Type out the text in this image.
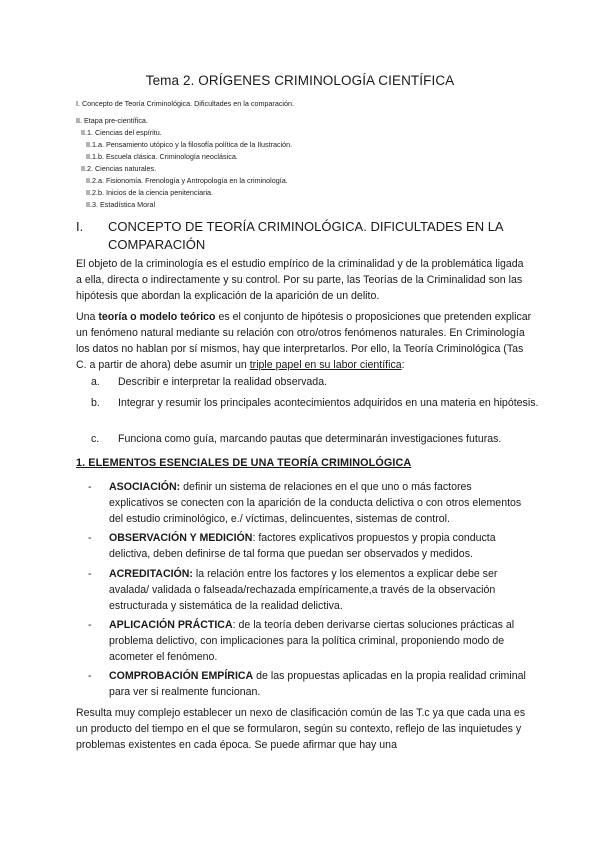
Tema 2. ORÍGENES CRIMINOLOGÍA CIENTÍFICA
I. Concepto de Teoría Criminológica. Dificultades en la comparación.
II. Etapa pre-científica.
II.1. Ciencias del espíritu.
II.1.a. Pensamiento utópico y la filosofía política de la Ilustración.
II.1.b. Escuela clásica. Criminología neoclásica.
II.2. Ciencias naturales.
II.2.a. Fisionomía. Frenología y Antropología en la criminología.
II.2.b. Inicios de la ciencia penitenciaria.
II.3. Estadística Moral
I. CONCEPTO DE TEORÍA CRIMINOLÓGICA. DIFICULTADES EN LA
COMPARACIÓN
El objeto de la criminología es el estudio empírico de la criminalidad y de la problemática ligada a ella, directa o indirectamente y su control. Por su parte, las Teorías de la Criminalidad son las hipótesis que abordan la explicación de la aparición de un delito.
Una teoría o modelo teórico es el conjunto de hipótesis o proposiciones que pretenden explicar un fenómeno natural mediante su relación con otro/otros fenómenos naturales. En Criminología los datos no hablan por sí mismos, hay que interpretarlos. Por ello, la Teoría Criminológica (Tas C. a partir de ahora) debe asumir un triple papel en su labor científica:
a. Describir e interpretar la realidad observada.
b. Integrar y resumir los principales acontecimientos adquiridos en una materia en hipótesis.
c. Funciona como guía, marcando pautas que determinarán investigaciones futuras.
1. ELEMENTOS ESENCIALES DE UNA TEORÍA CRIMINOLÓGICA
- ASOCIACIÓN: definir un sistema de relaciones en el que uno o más factores explicativos se conecten con la aparición de la conducta delictiva o con otros elementos del estudio criminológico, e./ víctimas, delincuentes, sistemas de control.
- OBSERVACIÓN Y MEDICIÓN: factores explicativos propuestos y propia conducta delictiva, deben definirse de tal forma que puedan ser observados y medidos.
- ACREDITACIÓN: la relación entre los factores y los elementos a explicar debe ser avalada/ validada o falseada/rechazada empíricamente,a través de la observación estructurada y sistemática de la realidad delictiva.
- APLICACIÓN PRÁCTICA: de la teoría deben derivarse ciertas soluciones prácticas al problema delictivo, con implicaciones para la política criminal, proponiendo modo de acometer el fenómeno.
- COMPROBACIÓN EMPÍRICA de las propuestas aplicadas en la propia realidad criminal para ver si realmente funcionan.
Resulta muy complejo establecer un nexo de clasificación común de las T.c ya que cada una es un producto del tiempo en el que se formularon, según su contexto, reflejo de las inquietudes y problemas existentes en cada época. Se puede afirmar que hay una
